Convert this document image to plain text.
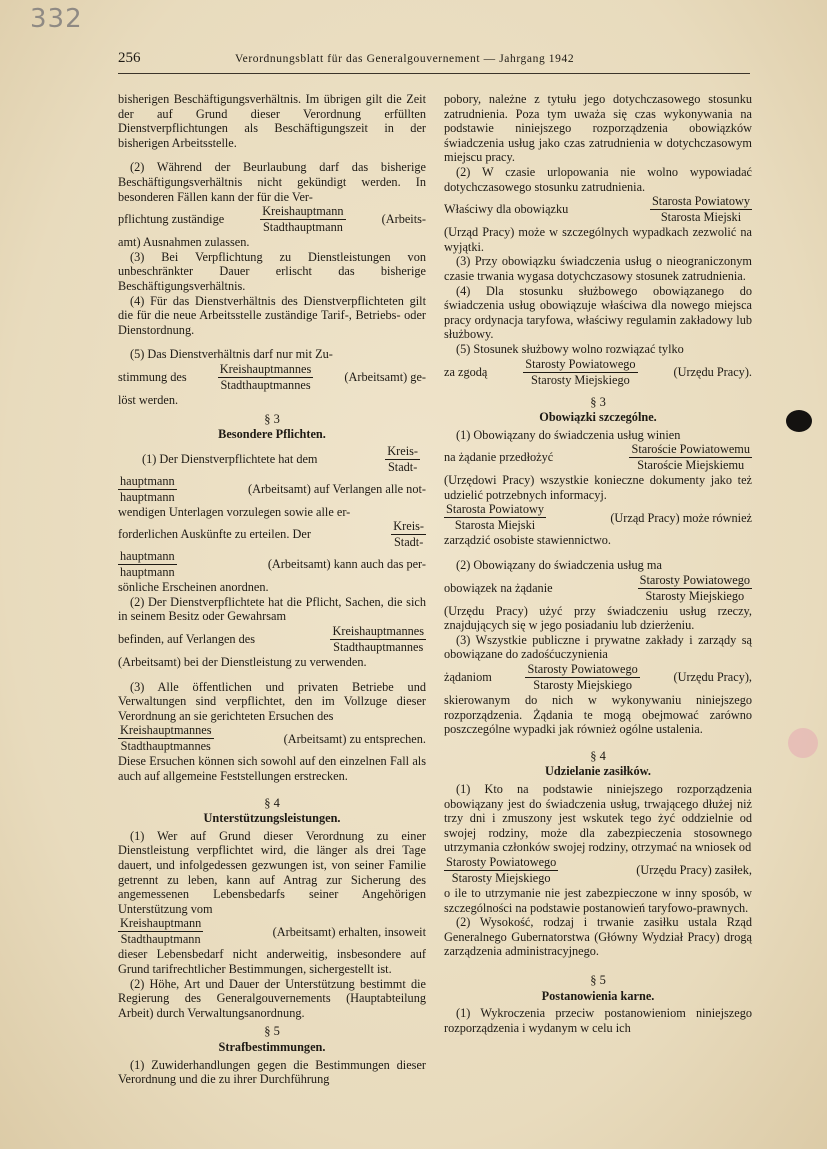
332
256	Verordnungsblatt für das Generalgouvernement — Jahrgang 1942

bisherigen Beschäftigungsverhältnis. Im übrigen gilt die Zeit der auf Grund dieser Verordnung erfüllten Dienstverpflichtungen als Beschäftigungszeit in der bisherigen Arbeitsstelle.

(2) Während der Beurlaubung darf das bisherige Beschäftigungsverhältnis nicht gekündigt werden. In besonderen Fällen kann der für die Ver-

pflichtung zuständige	$\frac{\text{Kreishauptmann}}{\text{Stadthauptmann}}$	(Arbeits-

amt) Ausnahmen zulassen.

(3) Bei Verpflichtung zu Dienstleistungen von unbeschränkter Dauer erlischt das bisherige Beschäftigungsverhältnis.

(4) Für das Dienstverhältnis des Dienstverpflichteten gilt die für die neue Arbeitsstelle zuständige Tarif-, Betriebs- oder Dienstordnung.

(5) Das Dienstverhältnis darf nur mit Zu-

stimmung des	$\frac{\text{Kreishauptmannes}}{\text{Stadthauptmannes}}$	(Arbeitsamt) ge-

löst werden.

§ 3
Besondere Pflichten.
(1) Der Dienstverpflichtete hat dem	$\frac{\text{Kreis-}}{\text{Stadt-}}$
$\frac{\text{hauptmann}}{\text{hauptmann}}$	(Arbeitsamt) auf Verlangen alle not-

wendigen Unterlagen vorzulegen sowie alle er-

forderlichen Auskünfte zu erteilen. Der	$\frac{\text{Kreis-}}{\text{Stadt-}}$
$\frac{\text{hauptmann}}{\text{hauptmann}}$	(Arbeitsamt) kann auch das per-

sönliche Erscheinen anordnen.

(2) Der Dienstverpflichtete hat die Pflicht, Sachen, die sich in seinem Besitz oder Gewahrsam

befinden, auf Verlangen des	$\frac{\text{Kreishauptmannes}}{\text{Stadthauptmannes}}$

(Arbeitsamt) bei der Dienstleistung zu verwenden.

(3) Alle öffentlichen und privaten Betriebe und Verwaltungen sind verpflichtet, den im Vollzuge dieser Verordnung an sie gerichteten Ersuchen des

$\frac{\text{Kreishauptmannes}}{\text{Stadthauptmannes}}$	(Arbeitsamt) zu entsprechen.

Diese Ersuchen können sich sowohl auf den einzelnen Fall als auch auf allgemeine Feststellungen erstrecken.

§ 4
Unterstützungsleistungen.

(1) Wer auf Grund dieser Verordnung zu einer Dienstleistung verpflichtet wird, die länger als drei Tage dauert, und infolgedessen gezwungen ist, von seiner Familie getrennt zu leben, kann auf Antrag zur Sicherung des angemessenen Lebensbedarfs seiner Angehörigen Unterstützung vom

$\frac{\text{Kreishauptmann}}{\text{Stadthauptmann}}$	(Arbeitsamt) erhalten, insoweit

dieser Lebensbedarf nicht anderweitig, insbesondere auf Grund tarifrechtlicher Bestimmungen, sichergestellt ist.

(2) Höhe, Art und Dauer der Unterstützung bestimmt die Regierung des Generalgouvernements (Hauptabteilung Arbeit) durch Verwaltungsanordnung.

§ 5
Strafbestimmungen.

(1) Zuwiderhandlungen gegen die Bestimmungen dieser Verordnung und die zu ihrer Durchführung

pobory, należne z tytułu jego dotychczasowego stosunku zatrudnienia. Poza tym uważa się czas wykonywania na podstawie niniejszego rozporządzenia obowiązków świadczenia usług jako czas zatrudnienia w dotychczasowym miejscu pracy.

(2) W czasie urlopowania nie wolno wypowiadać dotychczasowego stosunku zatrudnienia.

Właściwy dla obowiązku	$\frac{\text{Starosta Powiatowy}}{\text{Starosta Miejski}}$

(Urząd Pracy) może w szczególnych wypadkach zezwolić na wyjątki.

(3) Przy obowiązku świadczenia usług o nieograniczonym czasie trwania wygasa dotychczasowy stosunek zatrudnienia.

(4) Dla stosunku służbowego obowiązanego do świadczenia usług obowiązuje właściwa dla nowego miejsca pracy ordynacja taryfowa, właściwy regulamin zakładowy lub służbowy.

(5) Stosunek służbowy wolno rozwiązać tylko

za zgodą	$\frac{\text{Starosty Powiatowego}}{\text{Starosty Miejskiego}}$	(Urzędu Pracy).
§ 3
Obowiązki szczególne.

(1) Obowiązany do świadczenia usług winien

na żądanie przedłożyć	$\frac{\text{Staroście Powiatowemu}}{\text{Staroście Miejskiemu}}$

(Urzędowi Pracy) wszystkie konieczne dokumenty jako też udzielić potrzebnych informacyj.

$\frac{\text{Starosta Powiatowy}}{\text{Starosta Miejski}}$	(Urząd Pracy) może również

zarządzić osobiste stawiennictwo.

(2) Obowiązany do świadczenia usług ma

obowiązek na żądanie	$\frac{\text{Starosty Powiatowego}}{\text{Starosty Miejskiego}}$

(Urzędu Pracy) użyć przy świadczeniu usług rzeczy, znajdujących się w jego posiadaniu lub dzierżeniu.

(3) Wszystkie publiczne i prywatne zakłady i zarządy są obowiązane do zadośćuczynienia

żądaniom	$\frac{\text{Starosty Powiatowego}}{\text{Starosty Miejskiego}}$	(Urzędu Pracy),

skierowanym do nich w wykonywaniu niniejszego rozporządzenia. Żądania te mogą obejmować zarówno poszczególne wypadki jak również ogólne ustalenia.

§ 4
Udzielanie zasiłków.

(1) Kto na podstawie niniejszego rozporządzenia obowiązany jest do świadczenia usług, trwającego dłużej niż trzy dni i zmuszony jest wskutek tego żyć oddzielnie od swojej rodziny, może dla zabezpieczenia stosownego utrzymania członków swojej rodziny, otrzymać na wniosek od

$\frac{\text{Starosty Powiatowego}}{\text{Starosty Miejskiego}}$	(Urzędu Pracy) zasiłek,

o ile to utrzymanie nie jest zabezpieczone w inny sposób, w szczególności na podstawie postanowień taryfowo-prawnych.

(2) Wysokość, rodzaj i trwanie zasiłku ustala Rząd Generalnego Gubernatorstwa (Główny Wydział Pracy) drogą zarządzenia administracyjnego.

§ 5
Postanowienia karne.

(1) Wykroczenia przeciw postanowieniom niniejszego rozporządzenia i wydanym w celu ich
